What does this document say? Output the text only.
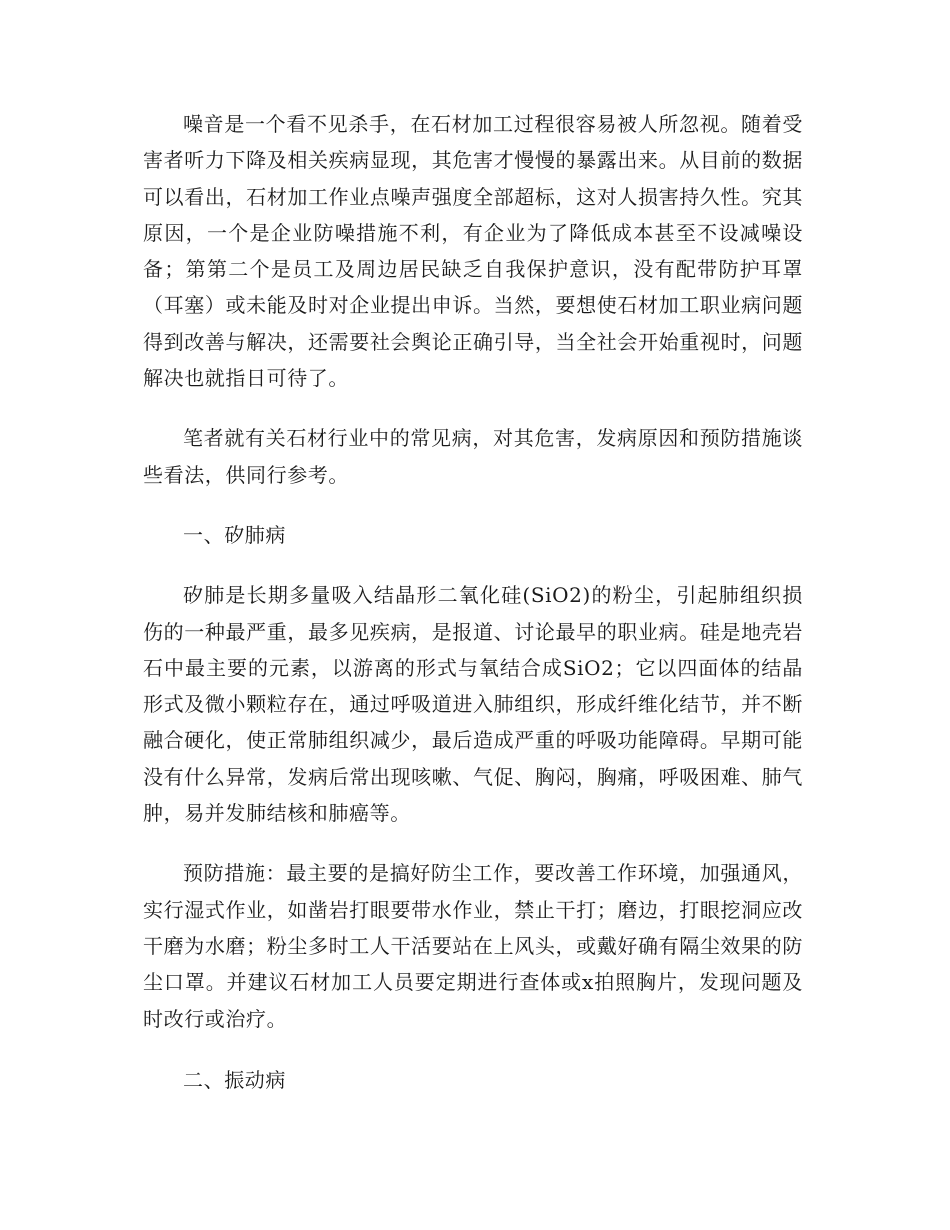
噪音是一个看不见杀手，在石材加工过程很容易被人所忽视。随着受害者听力下降及相关疾病显现，其危害才慢慢的暴露出来。从目前的数据可以看出，石材加工作业点噪声强度全部超标，这对人损害持久性。究其原因，一个是企业防噪措施不利，有企业为了降低成本甚至不设减噪设备；第第二个是员工及周边居民缺乏自我保护意识，没有配带防护耳罩（耳塞）或未能及时对企业提出申诉。当然，要想使石材加工职业病问题得到改善与解决，还需要社会舆论正确引导，当全社会开始重视时，问题解决也就指日可待了。

笔者就有关石材行业中的常见病，对其危害，发病原因和预防措施谈些看法，供同行参考。

一、矽肺病

矽肺是长期多量吸入结晶形二氧化硅(SiO2)的粉尘，引起肺组织损伤的一种最严重，最多见疾病，是报道、讨论最早的职业病。硅是地壳岩石中最主要的元素，以游离的形式与氧结合成SiO2；它以四面体的结晶形式及微小颗粒存在，通过呼吸道进入肺组织，形成纤维化结节，并不断融合硬化，使正常肺组织减少，最后造成严重的呼吸功能障碍。早期可能没有什么异常，发病后常出现咳嗽、气促、胸闷，胸痛，呼吸困难、肺气肿，易并发肺结核和肺癌等。

预防措施：最主要的是搞好防尘工作，要改善工作环境，加强通风，实行湿式作业，如凿岩打眼要带水作业，禁止干打；磨边，打眼挖洞应改干磨为水磨；粉尘多时工人干活要站在上风头，或戴好确有隔尘效果的防尘口罩。并建议石材加工人员要定期进行查体或x拍照胸片，发现问题及时改行或治疗。

二、振动病
